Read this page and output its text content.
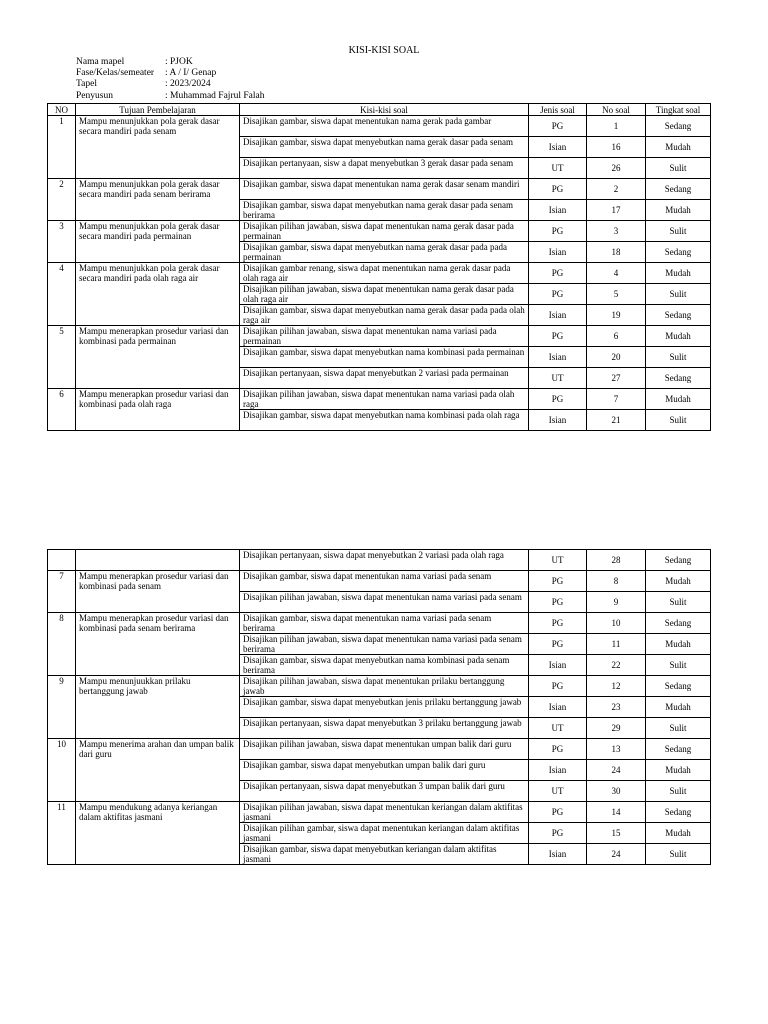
KISI-KISI SOAL
Nama mapel	: PJOK
Fase/Kelas/semeater	: A / I/ Genap
Tapel	: 2023/2024
Penyusun	: Muhammad Fajrul Falah
NO	Tujuan Pembelajaran	Kisi-kisi soal	Jenis soal	No soal	Tingkat soal
1	Mampu menunjukkan pola gerak dasar secara mandiri pada senam	Disajikan gambar, siswa dapat menentukan nama gerak pada gambar	PG	1	Sedang
		Disajikan gambar, siswa dapat menyebutkan nama gerak dasar pada senam	Isian	16	Mudah
		Disajikan pertanyaan, sisw a dapat menyebutkan 3 gerak dasar pada senam	UT	26	Sulit
2	Mampu menunjukkan pola gerak dasar secara mandiri pada senam berirama	Disajikan gambar, siswa dapat menentukan nama gerak dasar senam mandiri	PG	2	Sedang
		Disajikan gambar, siswa dapat menyebutkan nama gerak dasar pada senam berirama	Isian	17	Mudah
3	Mampu menunjukkan pola gerak dasar secara mandiri pada permainan	Disajikan pilihan jawaban, siswa dapat menentukan nama gerak dasar pada permainan	PG	3	Sulit
		Disajikan gambar, siswa dapat menyebutkan nama gerak dasar pada pada permainan	Isian	18	Sedang
4	Mampu menunjukkan pola gerak dasar secara mandiri pada olah raga air	Disajikan gambar renang, siswa dapat menentukan nama gerak dasar pada olah raga air	PG	4	Mudah
		Disajikan pilihan jawaban, siswa dapat menentukan nama gerak dasar pada olah raga air	PG	5	Sulit
		Disajikan gambar, siswa dapat menyebutkan nama gerak dasar pada pada olah raga air	Isian	19	Sedang
5	Mampu menerapkan prosedur variasi dan kombinasi pada permainan	Disajikan pilihan jawaban, siswa dapat menentukan nama variasi pada permainan	PG	6	Mudah
		Disajikan gambar, siswa dapat menyebutkan nama kombinasi pada permainan	Isian	20	Sulit
		Disajikan pertanyaan, siswa dapat menyebutkan 2 variasi pada permainan	UT	27	Sedang
6	Mampu menerapkan prosedur variasi dan kombinasi pada olah raga	Disajikan pilihan jawaban, siswa dapat menentukan nama variasi pada olah raga	PG	7	Mudah
		Disajikan gambar, siswa dapat menyebutkan nama kombinasi pada olah raga	Isian	21	Sulit
		Disajikan pertanyaan, siswa dapat menyebutkan 2 variasi pada olah raga	UT	28	Sedang
7	Mampu menerapkan prosedur variasi dan kombinasi pada senam	Disajikan gambar, siswa dapat menentukan nama variasi pada senam	PG	8	Mudah
		Disajikan pilihan jawaban, siswa dapat menentukan nama variasi pada senam	PG	9	Sulit
8	Mampu menerapkan prosedur variasi dan kombinasi pada senam berirama	Disajikan gambar, siswa dapat menentukan nama variasi pada senam berirama	PG	10	Sedang
		Disajikan pilihan jawaban, siswa dapat menentukan nama variasi pada senam berirama	PG	11	Mudah
		Disajikan gambar, siswa dapat menyebutkan nama kombinasi pada senam berirama	Isian	22	Sulit
9	Mampu menunjuukkan prilaku bertanggung jawab	Disajikan pilihan jawaban, siswa dapat menentukan prilaku bertanggung jawab	PG	12	Sedang
		Disajikan gambar, siswa dapat menyebutkan jenis prilaku bertanggung jawab	Isian	23	Mudah
		Disajikan pertanyaan, siswa dapat menyebutkan 3 prilaku bertanggung jawab	UT	29	Sulit
10	Mampu menerima arahan dan umpan balik dari guru	Disajikan pilihan jawaban, siswa dapat menentukan umpan balik dari guru	PG	13	Sedang
		Disajikan gambar, siswa dapat menyebutkan umpan balik dari guru	Isian	24	Mudah
		Disajikan pertanyaan, siswa dapat menyebutkan 3 umpan balik dari guru	UT	30	Sulit
11	Mampu mendukung adanya keriangan dalam aktifitas jasmani	Disajikan pilihan jawaban, siswa dapat menentukan keriangan dalam aktifitas jasmani	PG	14	Sedang
		Disajikan pilihan gambar, siswa dapat menentukan keriangan dalam aktifitas jasmani	PG	15	Mudah
		Disajikan gambar, siswa dapat menyebutkan keriangan dalam aktifitas jasmani	Isian	24	Sulit
